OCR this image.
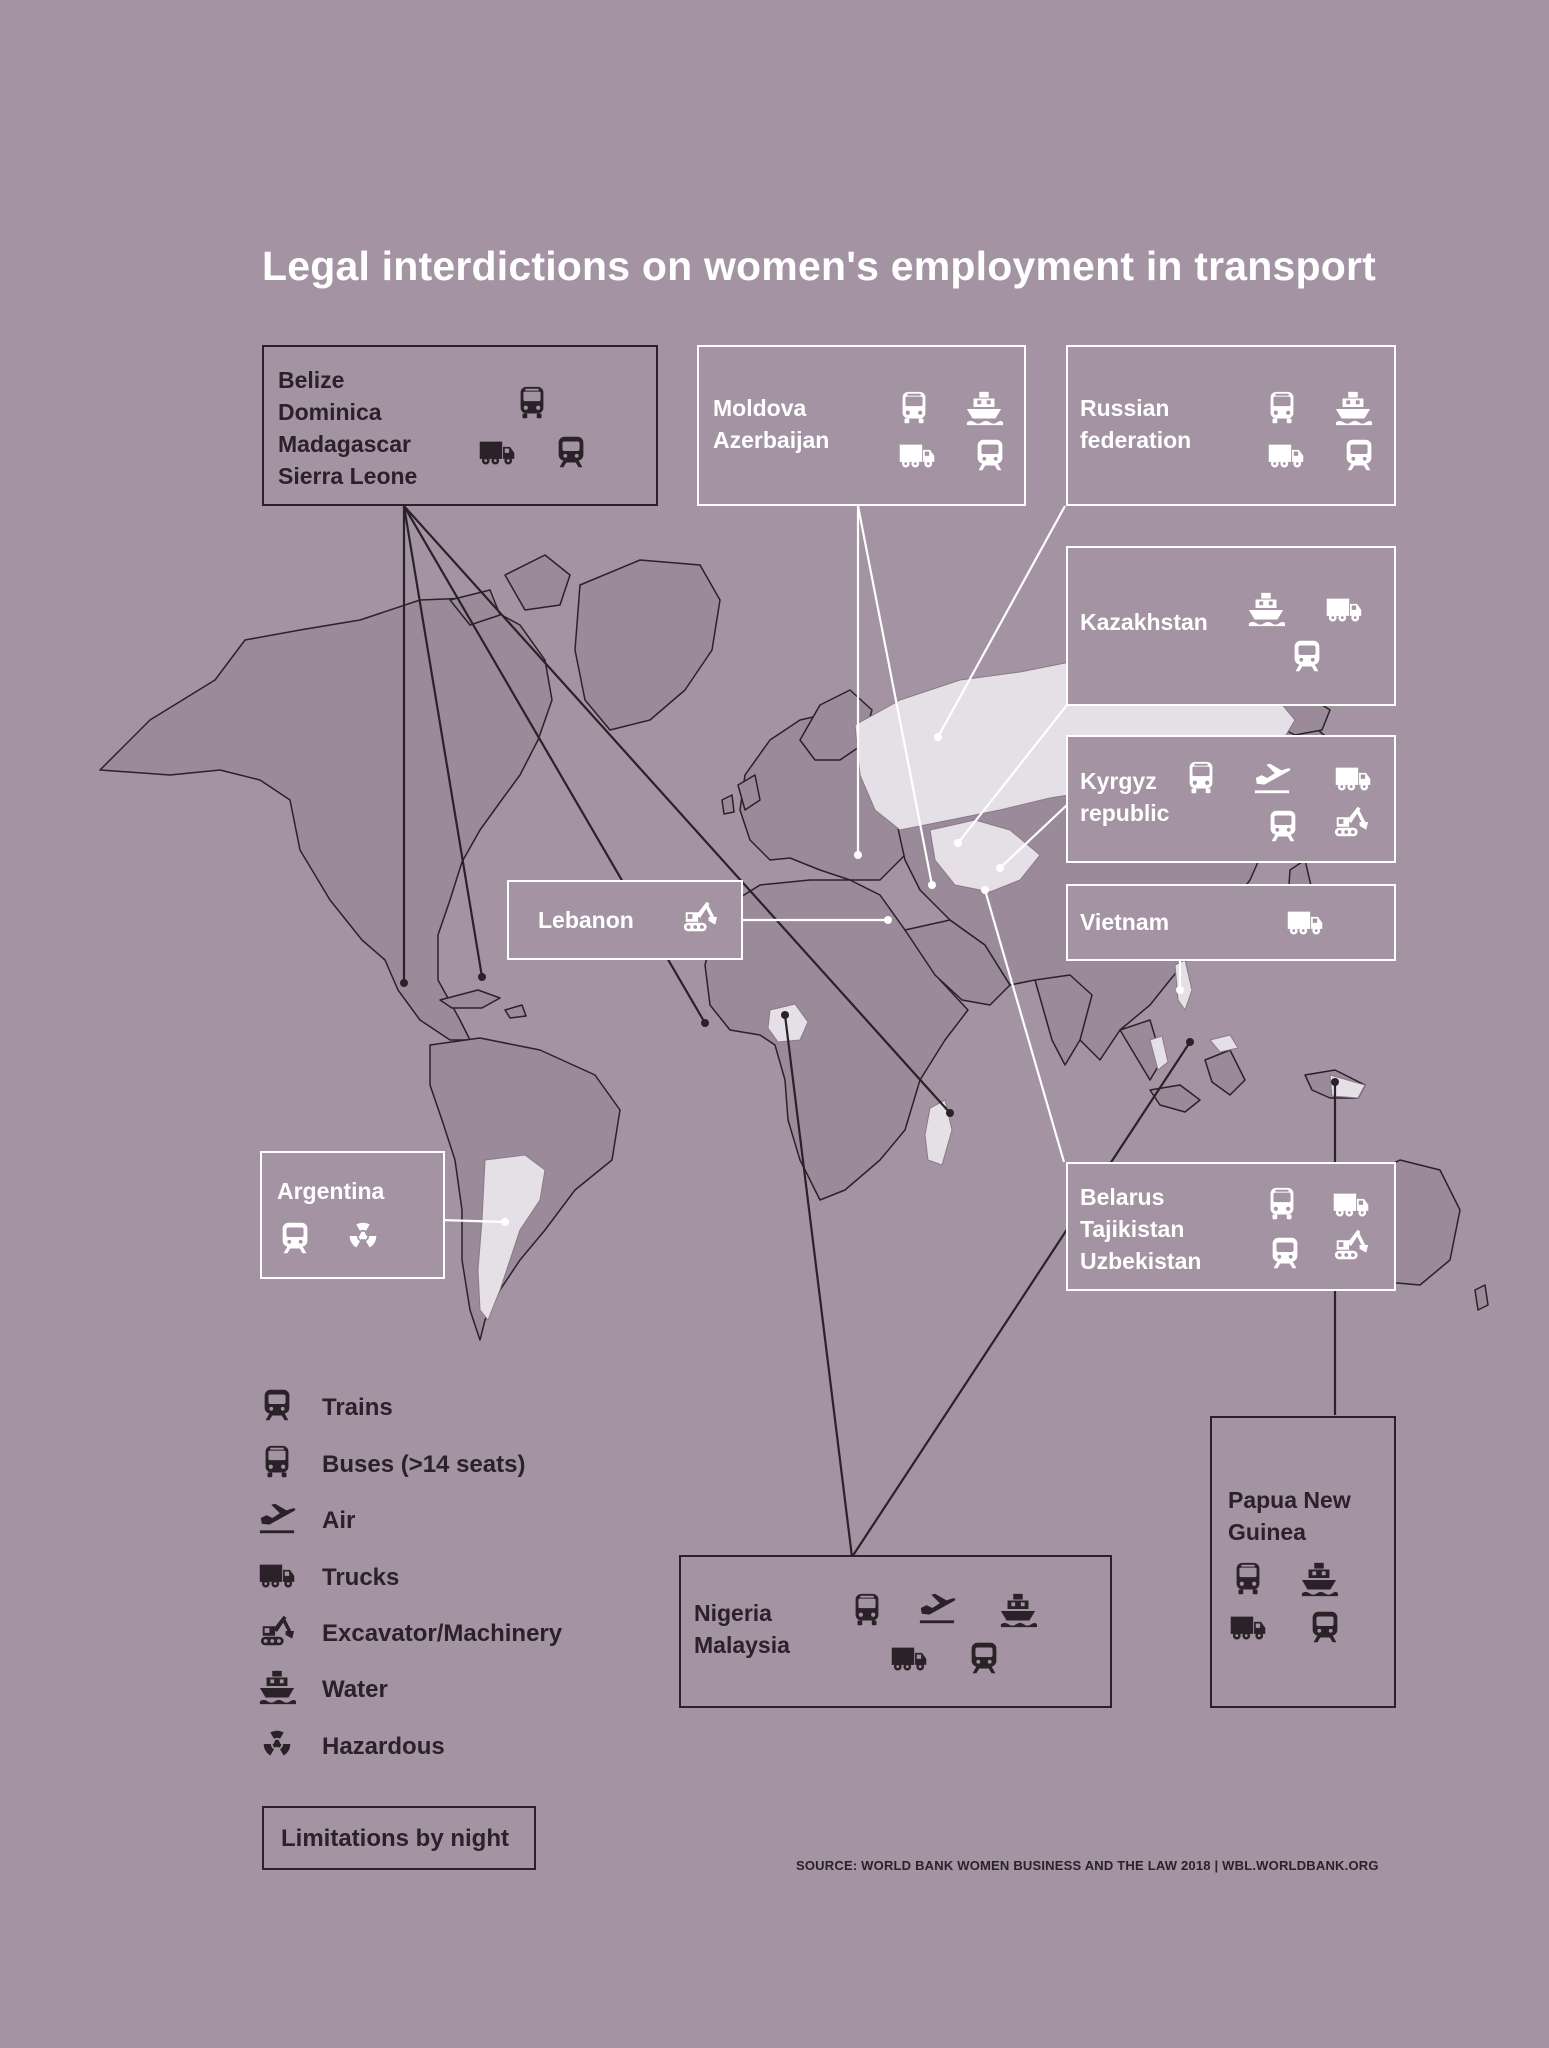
Legal interdictions on women's employment in transport
Belize
Dominica
Madagascar
Sierra Leone
Moldova
Azerbaijan
Russian
federation
Kazakhstan
Kyrgyz
republic
Lebanon	Vietnam
Argentina	Belarus
Tajikistan
Uzbekistan
Nigeria
Malaysia
Papua New
Guinea
Trains
Buses (>14 seats)
Air
Trucks
Excavator/Machinery
Water
Hazardous
Limitations by night
SOURCE: WORLD BANK WOMEN BUSINESS AND THE LAW 2018 | WBL.WORLDBANK.ORG
